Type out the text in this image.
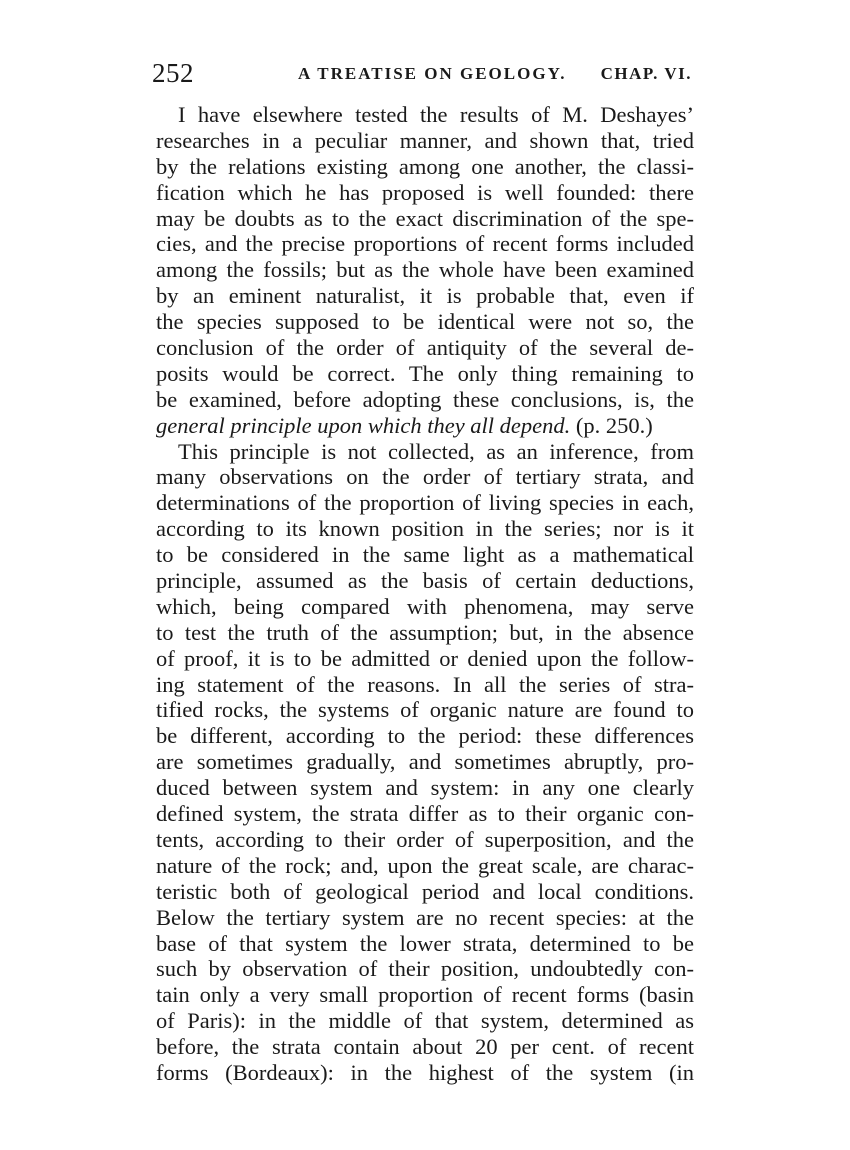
252	A TREATISE ON GEOLOGY. CHAP. VI.
I have elsewhere tested the results of M. Deshayes’
researches in a peculiar manner, and shown that, tried
by the relations existing among one another, the classi-
fication which he has proposed is well founded: there
may be doubts as to the exact discrimination of the spe-
cies, and the precise proportions of recent forms included
among the fossils; but as the whole have been examined
by an eminent naturalist, it is probable that, even if
the species supposed to be identical were not so, the
conclusion of the order of antiquity of the several de-
posits would be correct. The only thing remaining to
be examined, before adopting these conclusions, is, the
general principle upon which they all depend. (p. 250.)
This principle is not collected, as an inference, from
many observations on the order of tertiary strata, and
determinations of the proportion of living species in each,
according to its known position in the series; nor is it
to be considered in the same light as a mathematical
principle, assumed as the basis of certain deductions,
which, being compared with phenomena, may serve
to test the truth of the assumption; but, in the absence
of proof, it is to be admitted or denied upon the follow-
ing statement of the reasons. In all the series of stra-
tified rocks, the systems of organic nature are found to
be different, according to the period: these differences
are sometimes gradually, and sometimes abruptly, pro-
duced between system and system: in any one clearly
defined system, the strata differ as to their organic con-
tents, according to their order of superposition, and the
nature of the rock; and, upon the great scale, are charac-
teristic both of geological period and local conditions.
Below the tertiary system are no recent species: at the
base of that system the lower strata, determined to be
such by observation of their position, undoubtedly con-
tain only a very small proportion of recent forms (basin
of Paris): in the middle of that system, determined as
before, the strata contain about 20 per cent. of recent
forms (Bordeaux): in the highest of the system (in
